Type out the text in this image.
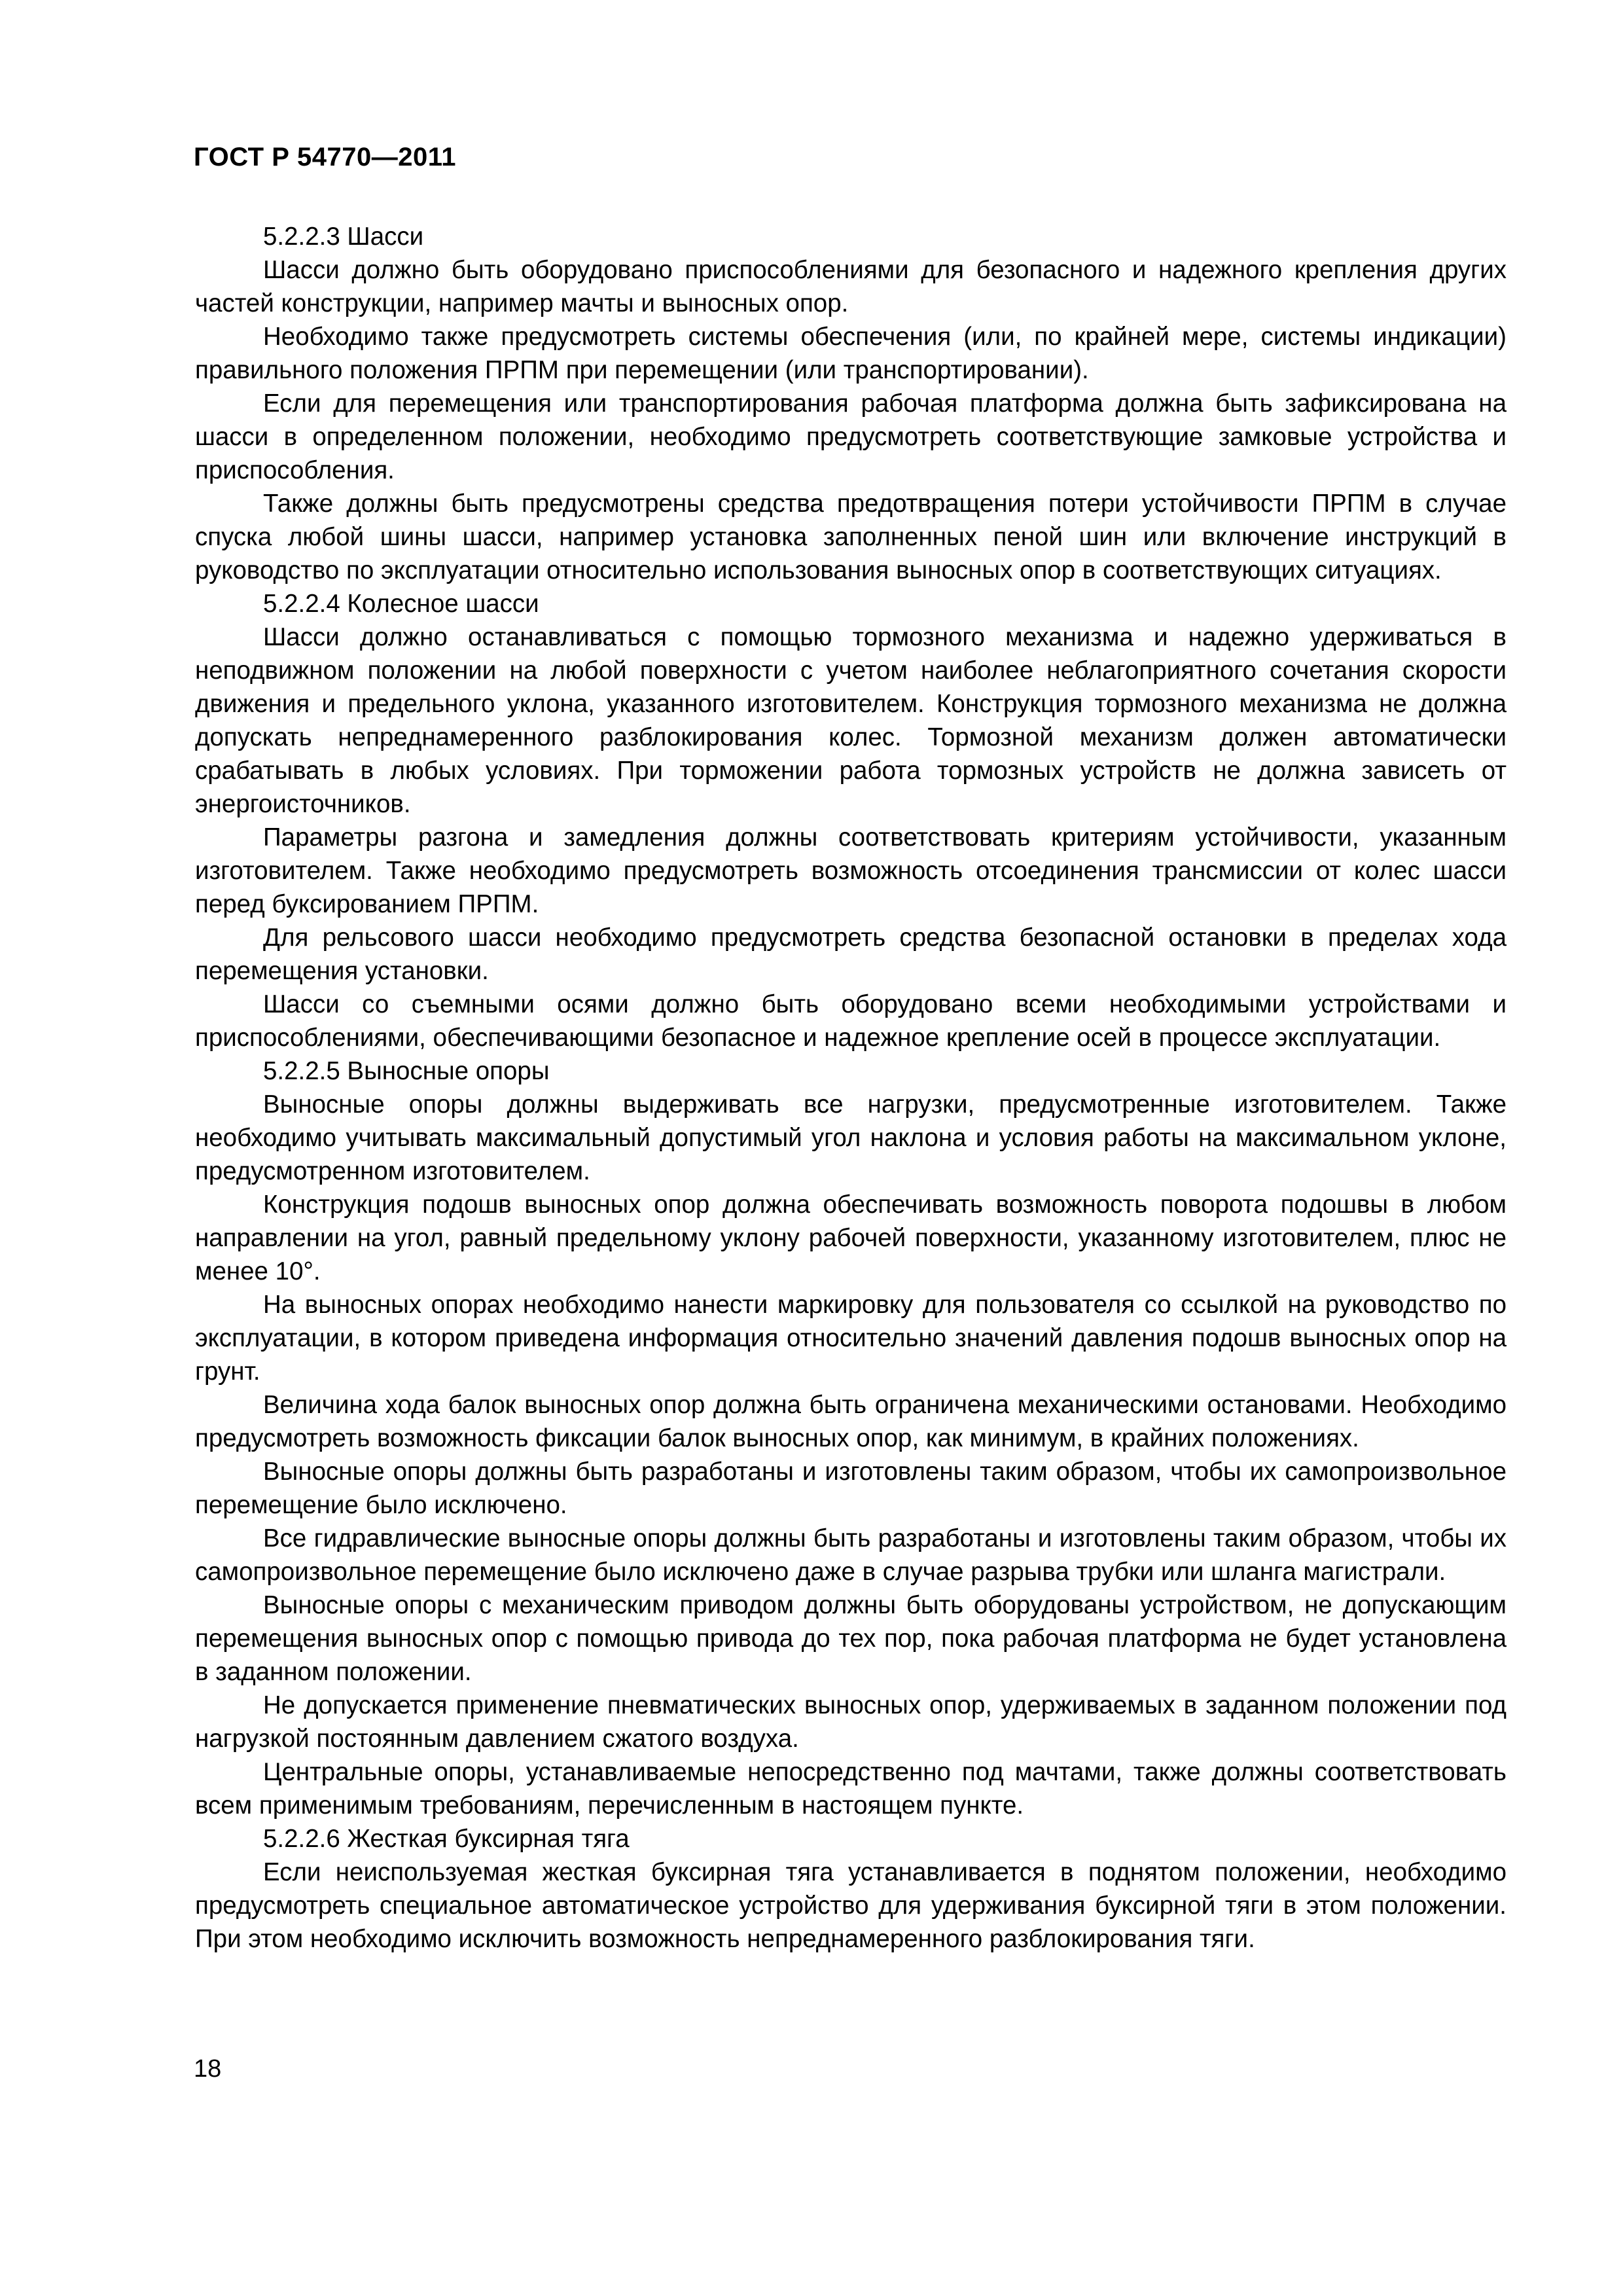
ГОСТ Р 54770—2011

5.2.2.3 Шасси

Шасси должно быть оборудовано приспособлениями для безопасного и надежного крепления других частей конструкции, например мачты и выносных опор.

Необходимо также предусмотреть системы обеспечения (или, по крайней мере, системы индикации) правильного положения ПРПМ при перемещении (или транспортировании).

Если для перемещения или транспортирования рабочая платформа должна быть зафиксирована на шасси в определенном положении, необходимо предусмотреть соответствующие замковые устройства и приспособления.

Также должны быть предусмотрены средства предотвращения потери устойчивости ПРПМ в случае спуска любой шины шасси, например установка заполненных пеной шин или включение инструкций в руководство по эксплуатации относительно использования выносных опор в соответствующих ситуациях.

5.2.2.4 Колесное шасси

Шасси должно останавливаться с помощью тормозного механизма и надежно удерживаться в неподвижном положении на любой поверхности с учетом наиболее неблагоприятного сочетания скорости движения и предельного уклона, указанного изготовителем. Конструкция тормозного механизма не должна допускать непреднамеренного разблокирования колес. Тормозной механизм должен автоматически срабатывать в любых условиях. При торможении работа тормозных устройств не должна зависеть от энергоисточников.

Параметры разгона и замедления должны соответствовать критериям устойчивости, указанным изготовителем. Также необходимо предусмотреть возможность отсоединения трансмиссии от колес шасси перед буксированием ПРПМ.

Для рельсового шасси необходимо предусмотреть средства безопасной остановки в пределах хода перемещения установки.

Шасси со съемными осями должно быть оборудовано всеми необходимыми устройствами и приспособлениями, обеспечивающими безопасное и надежное крепление осей в процессе эксплуатации.

5.2.2.5 Выносные опоры

Выносные опоры должны выдерживать все нагрузки, предусмотренные изготовителем. Также необходимо учитывать максимальный допустимый угол наклона и условия работы на максимальном уклоне, предусмотренном изготовителем.

Конструкция подошв выносных опор должна обеспечивать возможность поворота подошвы в любом направлении на угол, равный предельному уклону рабочей поверхности, указанному изготовителем, плюс не менее 10°.

На выносных опорах необходимо нанести маркировку для пользователя со ссылкой на руководство по эксплуатации, в котором приведена информация относительно значений давления подошв выносных опор на грунт.

Величина хода балок выносных опор должна быть ограничена механическими остановами. Необходимо предусмотреть возможность фиксации балок выносных опор, как минимум, в крайних положениях.

Выносные опоры должны быть разработаны и изготовлены таким образом, чтобы их самопроизвольное перемещение было исключено.

Все гидравлические выносные опоры должны быть разработаны и изготовлены таким образом, чтобы их самопроизвольное перемещение было исключено даже в случае разрыва трубки или шланга магистрали.

Выносные опоры с механическим приводом должны быть оборудованы устройством, не допускающим перемещения выносных опор с помощью привода до тех пор, пока рабочая платформа не будет установлена в заданном положении.

Не допускается применение пневматических выносных опор, удерживаемых в заданном положении под нагрузкой постоянным давлением сжатого воздуха.

Центральные опоры, устанавливаемые непосредственно под мачтами, также должны соответствовать всем применимым требованиям, перечисленным в настоящем пункте.

5.2.2.6 Жесткая буксирная тяга

Если неиспользуемая жесткая буксирная тяга устанавливается в поднятом положении, необходимо предусмотреть специальное автоматическое устройство для удерживания буксирной тяги в этом положении. При этом необходимо исключить возможность непреднамеренного разблокирования тяги.

18
